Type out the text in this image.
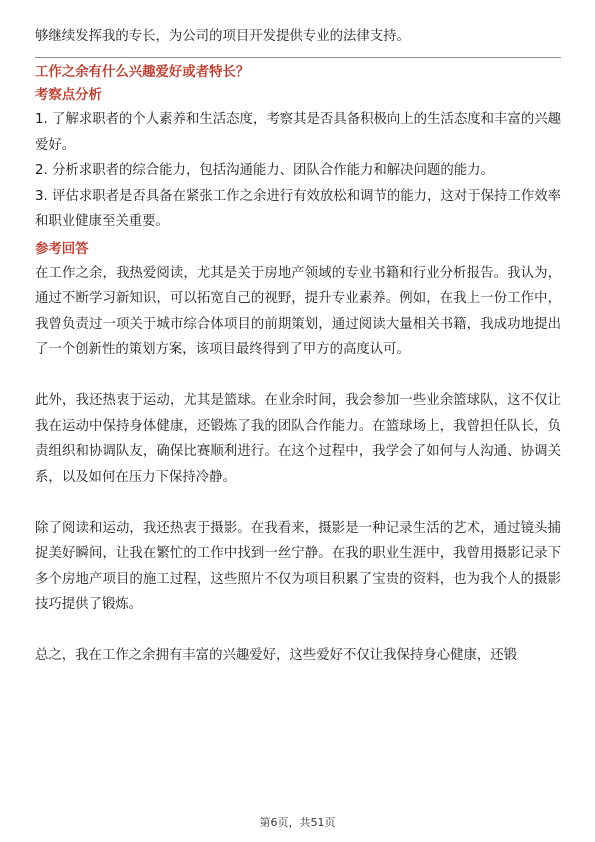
够继续发挥我的专长，为公司的项目开发提供专业的法律支持。

工作之余有什么兴趣爱好或者特长？

考察点分析

1. 了解求职者的个人素养和生活态度，考察其是否具备积极向上的生活态度和丰富的兴趣爱好。

2. 分析求职者的综合能力，包括沟通能力、团队合作能力和解决问题的能力。

3. 评估求职者是否具备在紧张工作之余进行有效放松和调节的能力，这对于保持工作效率和职业健康至关重要。

参考回答

在工作之余，我热爱阅读，尤其是关于房地产领域的专业书籍和行业分析报告。我认为，通过不断学习新知识，可以拓宽自己的视野，提升专业素养。例如，在我上一份工作中，我曾负责过一项关于城市综合体项目的前期策划，通过阅读大量相关书籍，我成功地提出了一个创新性的策划方案，该项目最终得到了甲方的高度认可。

此外，我还热衷于运动，尤其是篮球。在业余时间，我会参加一些业余篮球队，这不仅让我在运动中保持身体健康，还锻炼了我的团队合作能力。在篮球场上，我曾担任队长，负责组织和协调队友，确保比赛顺利进行。在这个过程中，我学会了如何与人沟通、协调关系，以及如何在压力下保持冷静。

除了阅读和运动，我还热衷于摄影。在我看来，摄影是一种记录生活的艺术，通过镜头捕捉美好瞬间，让我在繁忙的工作中找到一丝宁静。在我的职业生涯中，我曾用摄影记录下多个房地产项目的施工过程，这些照片不仅为项目积累了宝贵的资料，也为我个人的摄影技巧提供了锻炼。

总之，我在工作之余拥有丰富的兴趣爱好，这些爱好不仅让我保持身心健康，还锻

第6页，共51页
